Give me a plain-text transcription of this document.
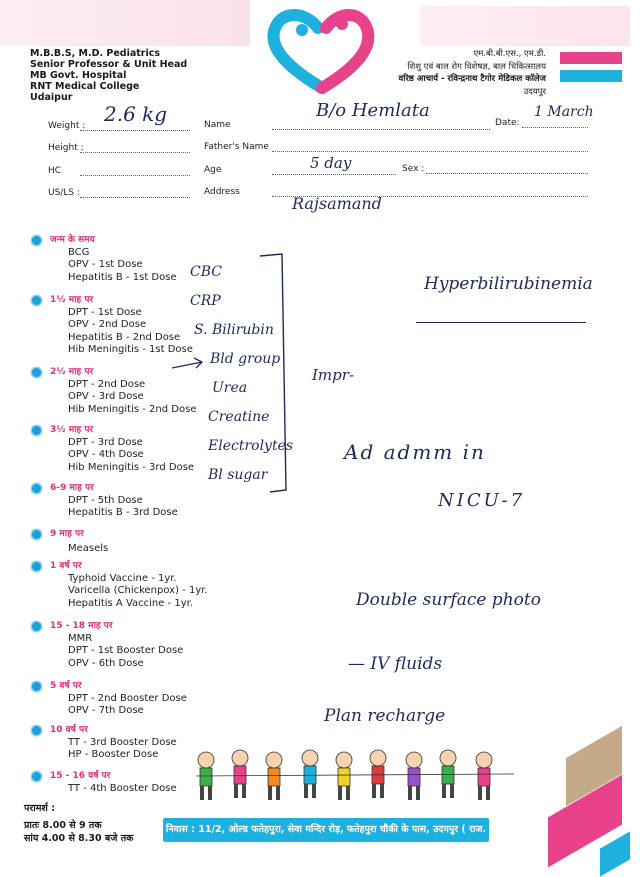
M.B.B.S, M.D. Pediatrics
Senior Professor & Unit Head
MB Govt. Hospital
RNT Medical College
Udaipur
एम.बी.बी.एस., एम.डी.
शिशु एवं बाल रोग विशेषज्ञ, बाल चिकित्सालय
वरिष्ठ आचार्य - रविन्द्रनाथ टैगोर मेडिकल कॉलेज
उदयपुर
Weight : 2.6 kg
Height :
HC
US/LS :
Name
B/o Hemlata
Date:
1 March
Father's Name
Age	5 day	Sex :
Address
Rajsamand
जन्म के समय
BCG
OPV - 1st Dose
Hepatitis B - 1st Dose
1½ माह पर
DPT - 1st Dose
OPV - 2nd Dose
Hepatitis B - 2nd Dose
Hib Meningitis - 1st Dose
2½ माह पर
DPT - 2nd Dose
OPV - 3rd Dose
Hib Meningitis - 2nd Dose
3½ माह पर
DPT - 3rd Dose
OPV - 4th Dose
Hib Meningitis - 3rd Dose
6-9 माह पर
DPT - 5th Dose
Hepatitis B - 3rd Dose
9 माह पर
Measels
1 वर्ष पर
Typhoid Vaccine - 1yr.
Varicella (Chickenpox) - 1yr.
Hepatitis A Vaccine - 1yr.
15 - 18 माह पर
MMR
DPT - 1st Booster Dose
OPV - 6th Dose
5 वर्ष पर
DPT - 2nd Booster Dose
OPV - 7th Dose
10 वर्ष पर
TT - 3rd Booster Dose
HP - Booster Dose
15 - 16 वर्ष पर
TT - 4th Booster Dose
CBC
CRP
S. Bilirubin
Bld group
Urea
Creatine
Electrolytes
Bl sugar
Impr-
Hyperbilirubinemia
Ad admm in
NICU-7
Double surface photo
— IV fluids
Plan recharge
परामर्श :
प्रातः 8.00 से 9 तक
सांय 4.00 से 8.30 बजे तक
निवास : 11/2, ओल्ड फतेहपुरा, सेवा मन्दिर रोड़, फतेहपुरा चौकी के पास, उदयपुर ( राज. )
